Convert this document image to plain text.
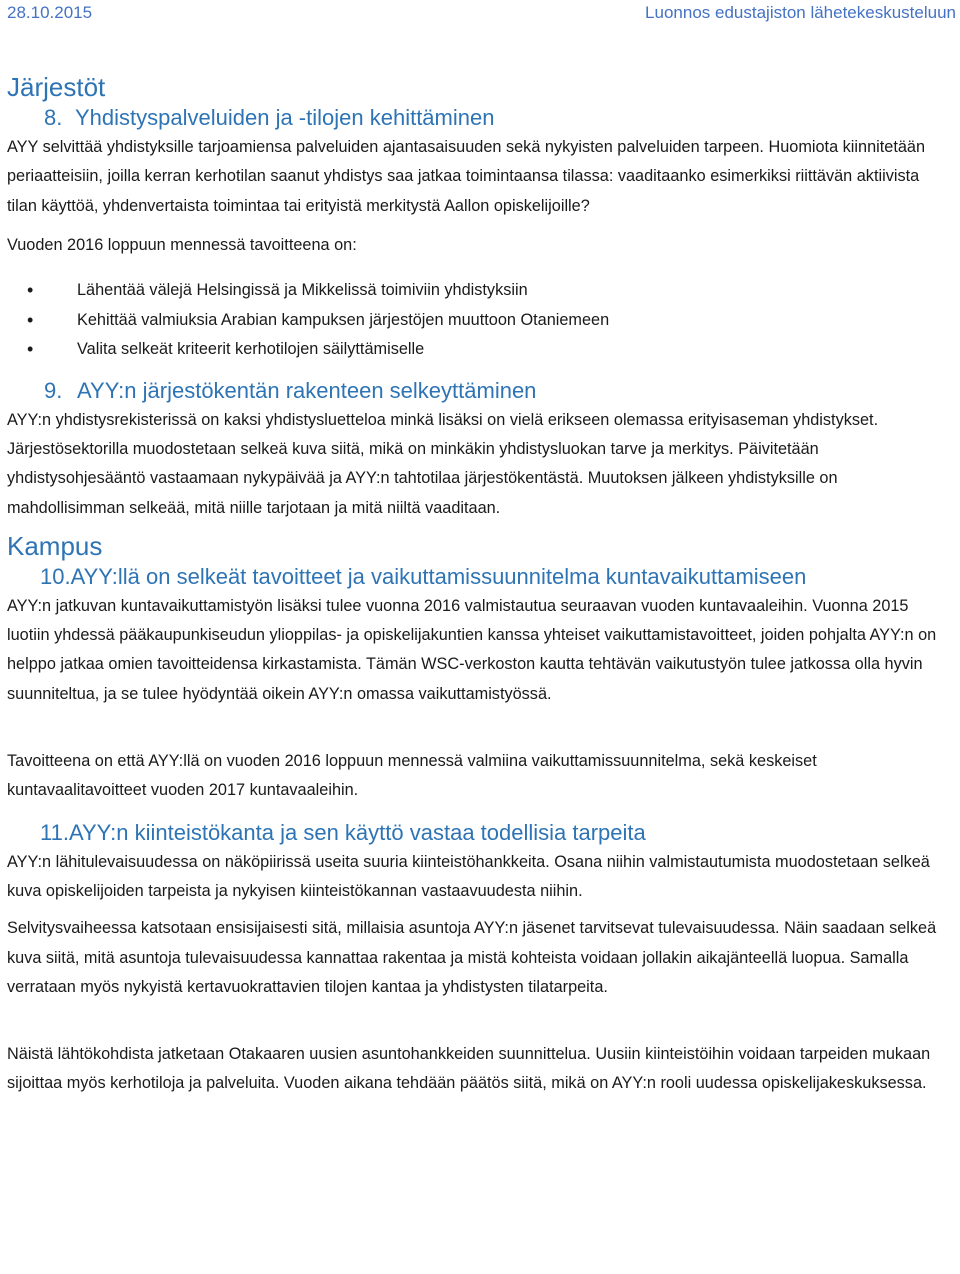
28.10.2015	Luonnos edustajiston lähetekeskusteluun
Järjestöt
8. Yhdistyspalveluiden ja -tilojen kehittäminen

AYY selvittää yhdistyksille tarjoamiensa palveluiden ajantasaisuuden sekä nykyisten palveluiden tarpeen. Huomiota kiinnitetään periaatteisiin, joilla kerran kerhotilan saanut yhdistys saa jatkaa toimintaansa tilassa: vaaditaanko esimerkiksi riittävän aktiivista tilan käyttöä, yhdenvertaista toimintaa tai erityistä merkitystä Aallon opiskelijoille?

Vuoden 2016 loppuun mennessä tavoitteena on:

• Lähentää välejä Helsingissä ja Mikkelissä toimiviin yhdistyksiin
• Kehittää valmiuksia Arabian kampuksen järjestöjen muuttoon Otaniemeen
• Valita selkeät kriteerit kerhotilojen säilyttämiselle
9. AYY:n järjestökentän rakenteen selkeyttäminen

AYY:n yhdistysrekisterissä on kaksi yhdistysluetteloa minkä lisäksi on vielä erikseen olemassa erityisaseman yhdistykset. Järjestösektorilla muodostetaan selkeä kuva siitä, mikä on minkäkin yhdistysluokan tarve ja merkitys. Päivitetään yhdistysohjesääntö vastaamaan nykypäivää ja AYY:n tahtotilaa järjestökentästä. Muutoksen jälkeen yhdistyksille on mahdollisimman selkeää, mitä niille tarjotaan ja mitä niiltä vaaditaan.

Kampus
10.AYY:llä on selkeät tavoitteet ja vaikuttamissuunnitelma kuntavaikuttamiseen

AYY:n jatkuvan kuntavaikuttamistyön lisäksi tulee vuonna 2016 valmistautua seuraavan vuoden kuntavaaleihin. Vuonna 2015 luotiin yhdessä pääkaupunkiseudun ylioppilas- ja opiskelijakuntien kanssa yhteiset vaikuttamistavoitteet, joiden pohjalta AYY:n on helppo jatkaa omien tavoitteidensa kirkastamista. Tämän WSC-verkoston kautta tehtävän vaikutustyön tulee jatkossa olla hyvin suunniteltua, ja se tulee hyödyntää oikein AYY:n omassa vaikuttamistyössä.

Tavoitteena on että AYY:llä on vuoden 2016 loppuun mennessä valmiina vaikuttamissuunnitelma, sekä keskeiset kuntavaalitavoitteet vuoden 2017 kuntavaaleihin.

11.AYY:n kiinteistökanta ja sen käyttö vastaa todellisia tarpeita

AYY:n lähitulevaisuudessa on näköpiirissä useita suuria kiinteistöhankkeita. Osana niihin valmistautumista muodostetaan selkeä kuva opiskelijoiden tarpeista ja nykyisen kiinteistökannan vastaavuudesta niihin.

Selvitysvaiheessa katsotaan ensisijaisesti sitä, millaisia asuntoja AYY:n jäsenet tarvitsevat tulevaisuudessa. Näin saadaan selkeä kuva siitä, mitä asuntoja tulevaisuudessa kannattaa rakentaa ja mistä kohteista voidaan jollakin aikajänteellä luopua. Samalla verrataan myös nykyistä kertavuokrattavien tilojen kantaa ja yhdistysten tilatarpeita.

Näistä lähtökohdista jatketaan Otakaaren uusien asuntohankkeiden suunnittelua. Uusiin kiinteistöihin voidaan tarpeiden mukaan sijoittaa myös kerhotiloja ja palveluita. Vuoden aikana tehdään päätös siitä, mikä on AYY:n rooli uudessa opiskelijakeskuksessa.
